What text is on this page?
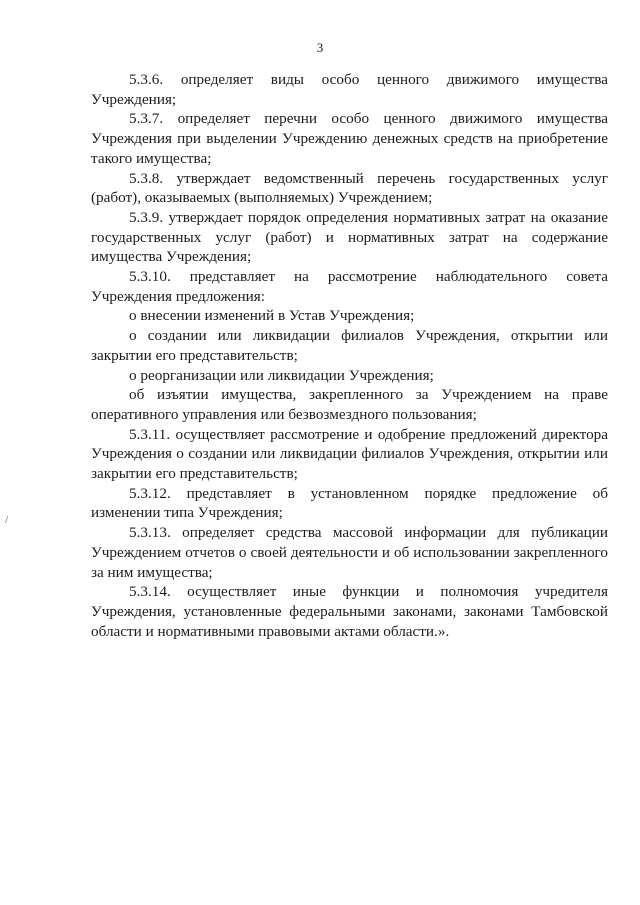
3
/

5.3.6. определяет виды особо ценного движимого имущества Учреждения;

5.3.7. определяет перечни особо ценного движимого имущества Учреждения при выделении Учреждению денежных средств на приобретение такого имущества;

5.3.8. утверждает ведомственный перечень государственных услуг (работ), оказываемых (выполняемых) Учреждением;

5.3.9. утверждает порядок определения нормативных затрат на оказание государственных услуг (работ) и нормативных затрат на содержание имущества Учреждения;

5.3.10. представляет на рассмотрение наблюдательного совета Учреждения предложения:

о внесении изменений в Устав Учреждения;

о создании или ликвидации филиалов Учреждения, открытии или закрытии его представительств;

о реорганизации или ликвидации Учреждения;

об изъятии имущества, закрепленного за Учреждением на праве оперативного управления или безвозмездного пользования;

5.3.11. осуществляет рассмотрение и одобрение предложений директора Учреждения о создании или ликвидации филиалов Учреждения, открытии или закрытии его представительств;

5.3.12. представляет в установленном порядке предложение об изменении типа Учреждения;

5.3.13. определяет средства массовой информации для публикации Учреждением отчетов о своей деятельности и об использовании закрепленного за ним имущества;

5.3.14. осуществляет иные функции и полномочия учредителя Учреждения, установленные федеральными законами, законами Тамбовской области и нормативными правовыми актами области.».
